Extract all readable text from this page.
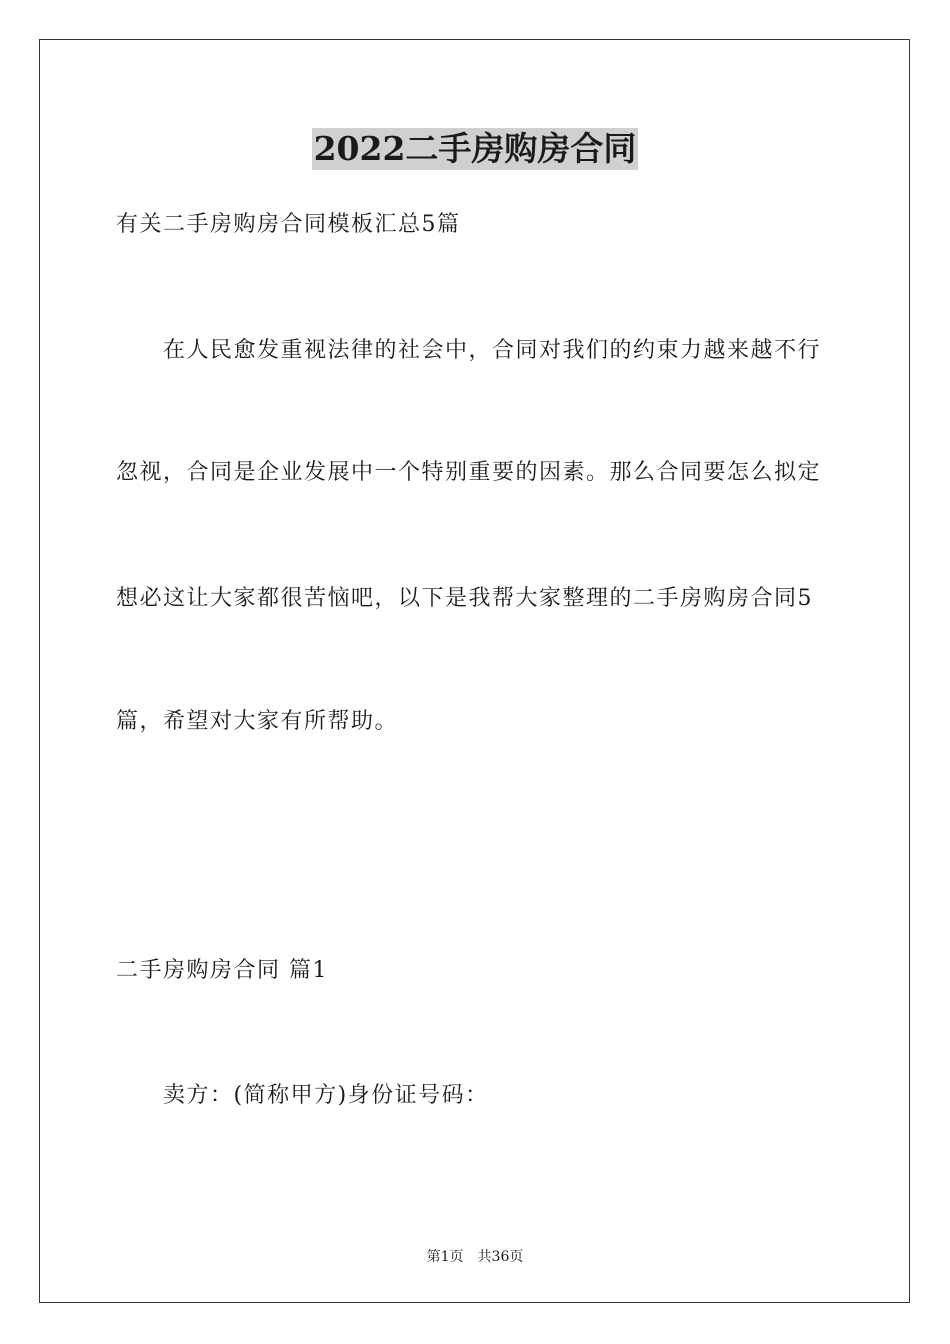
2022二手房购房合同
有关二手房购房合同模板汇总5篇
在人民愈发重视法律的社会中，合同对我们的约束力越来越不行
忽视，合同是企业发展中一个特别重要的因素。那么合同要怎么拟定
想必这让大家都很苦恼吧，以下是我帮大家整理的二手房购房合同5
篇，希望对大家有所帮助。
二手房购房合同 篇1
卖方：(简称甲方)身份证号码：
第1页 共36页
